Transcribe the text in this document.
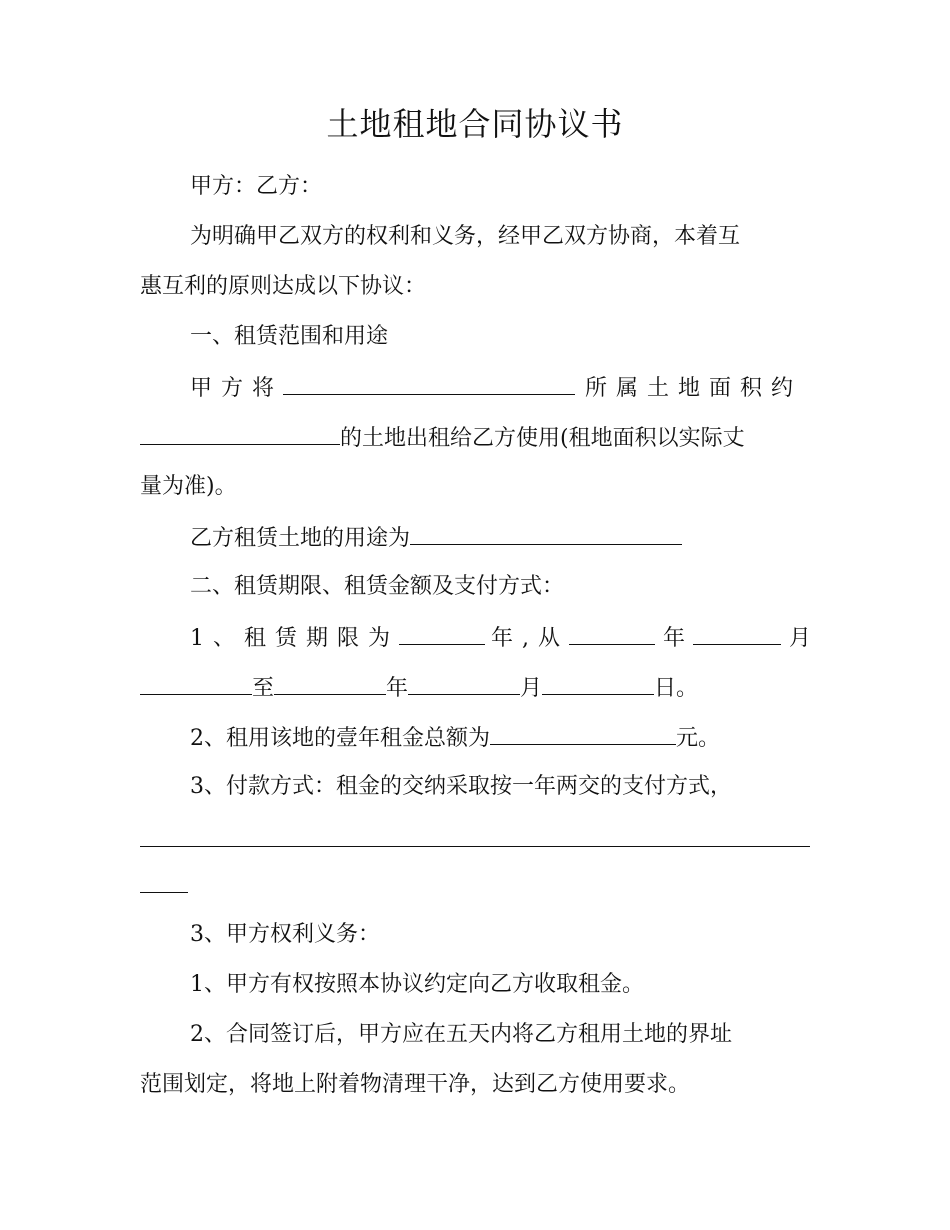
土地租地合同协议书
甲方：乙方：
为明确甲乙双方的权利和义务，经甲乙双方协商，本着互
惠互利的原则达成以下协议：
一、租赁范围和用途
甲方将	所属土地面积约
的土地出租给乙方使用(租地面积以实际丈
量为准)。
乙方租赁土地的用途为
二、租赁期限、租赁金额及支付方式：
1、租赁期限为	年,从	年	月
至	年	月	日。
2、租用该地的壹年租金总额为	元。
3、付款方式：租金的交纳采取按一年两交的支付方式，
3、甲方权利义务：
1、甲方有权按照本协议约定向乙方收取租金。
2、合同签订后，甲方应在五天内将乙方租用土地的界址
范围划定，将地上附着物清理干净，达到乙方使用要求。
